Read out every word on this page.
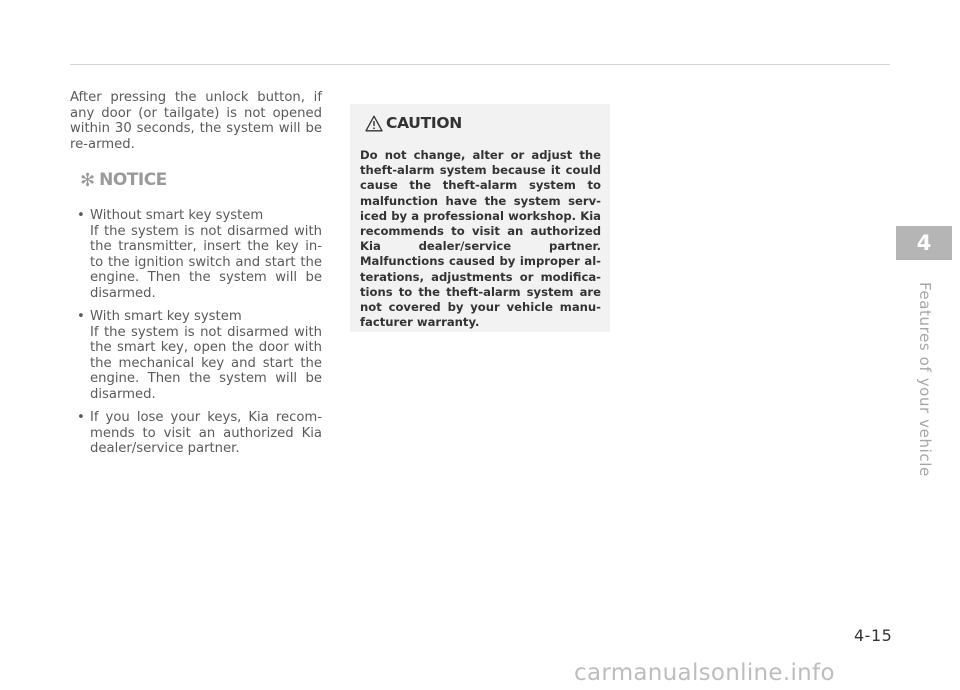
After pressing the unlock button, if any door (or tailgate) is not opened within 30 seconds, the system will be re-armed.

✻ NOTICE
• Without smart key system
If the system is not disarmed with the transmitter, insert the key in-to the ignition switch and start the engine. Then the system will be disarmed.
• With smart key system
If the system is not disarmed with the smart key, open the door with the mechanical key and start the engine. Then the system will be disarmed.
• If you lose your keys, Kia recom-mends to visit an authorized Kia dealer/service partner.
CAUTION

Do not change, alter or adjust the theft-alarm system because it could cause the theft-alarm system to malfunction have the system serv-iced by a professional workshop. Kia recommends to visit an authorized Kia dealer/service partner. Malfunctions caused by improper al-terations, adjustments or modifica-tions to the theft-alarm system are not covered by your vehicle manu-facturer warranty.

4
Features of your vehicle
4-15
carmanualsonline.info
